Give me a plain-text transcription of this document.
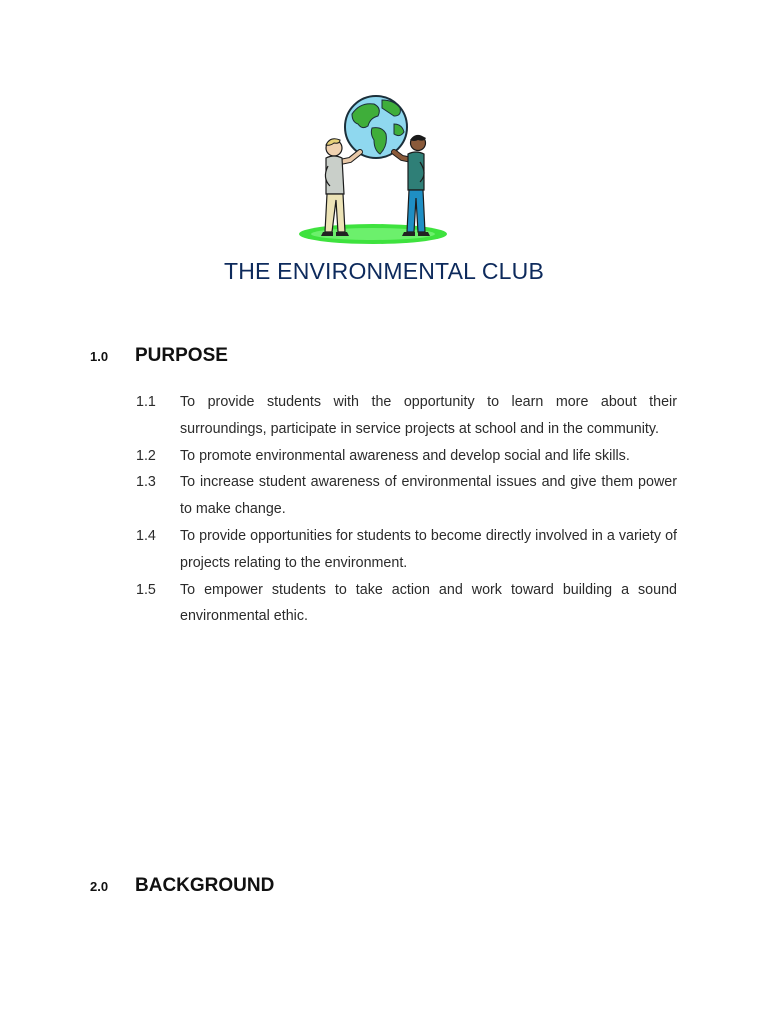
THE ENVIRONMENTAL CLUB
1.0	PURPOSE
1.1	To provide students with the opportunity to learn more about their surroundings, participate in service projects at school and in the community.
1.2	To promote environmental awareness and develop social and life skills.
1.3	To increase student awareness of environmental issues and give them power to make change.
1.4	To provide opportunities for students to become directly involved in a variety of projects relating to the environment.
1.5	To empower students to take action and work toward building a sound environmental ethic.
2.0	BACKGROUND
